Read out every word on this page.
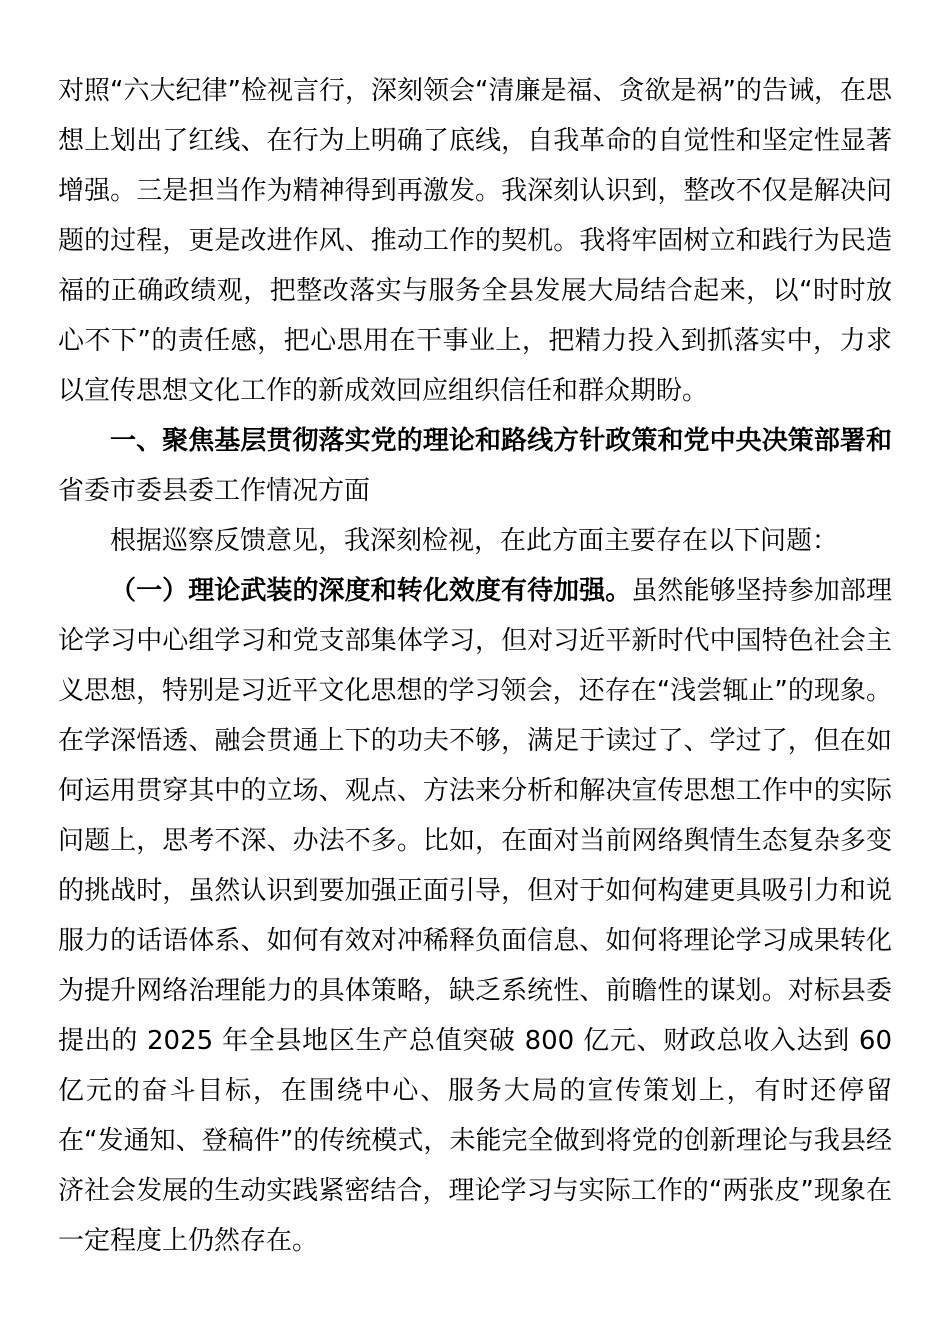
对照“六大纪律”检视言行，深刻领会“清廉是福、贪欲是祸”的告诫，在思想上划出了红线、在行为上明确了底线，自我革命的自觉性和坚定性显著增强。三是担当作为精神得到再激发。我深刻认识到，整改不仅是解决问题的过程，更是改进作风、推动工作的契机。我将牢固树立和践行为民造福的正确政绩观，把整改落实与服务全县发展大局结合起来，以“时时放心不下”的责任感，把心思用在干事业上，把精力投入到抓落实中，力求以宣传思想文化工作的新成效回应组织信任和群众期盼。

一、聚焦基层贯彻落实党的理论和路线方针政策和党中央决策部署和省委市委县委工作情况方面

根据巡察反馈意见，我深刻检视，在此方面主要存在以下问题：

（一）理论武装的深度和转化效度有待加强。虽然能够坚持参加部理论学习中心组学习和党支部集体学习，但对习近平新时代中国特色社会主义思想，特别是习近平文化思想的学习领会，还存在“浅尝辄止”的现象。在学深悟透、融会贯通上下的功夫不够，满足于读过了、学过了，但在如何运用贯穿其中的立场、观点、方法来分析和解决宣传思想工作中的实际问题上，思考不深、办法不多。比如，在面对当前网络舆情生态复杂多变的挑战时，虽然认识到要加强正面引导，但对于如何构建更具吸引力和说服力的话语体系、如何有效对冲稀释负面信息、如何将理论学习成果转化为提升网络治理能力的具体策略，缺乏系统性、前瞻性的谋划。对标县委提出的 2025 年全县地区生产总值突破 800 亿元、财政总收入达到 60 亿元的奋斗目标，在围绕中心、服务大局的宣传策划上，有时还停留在“发通知、登稿件”的传统模式，未能完全做到将党的创新理论与我县经济社会发展的生动实践紧密结合，理论学习与实际工作的“两张皮”现象在一定程度上仍然存在。
